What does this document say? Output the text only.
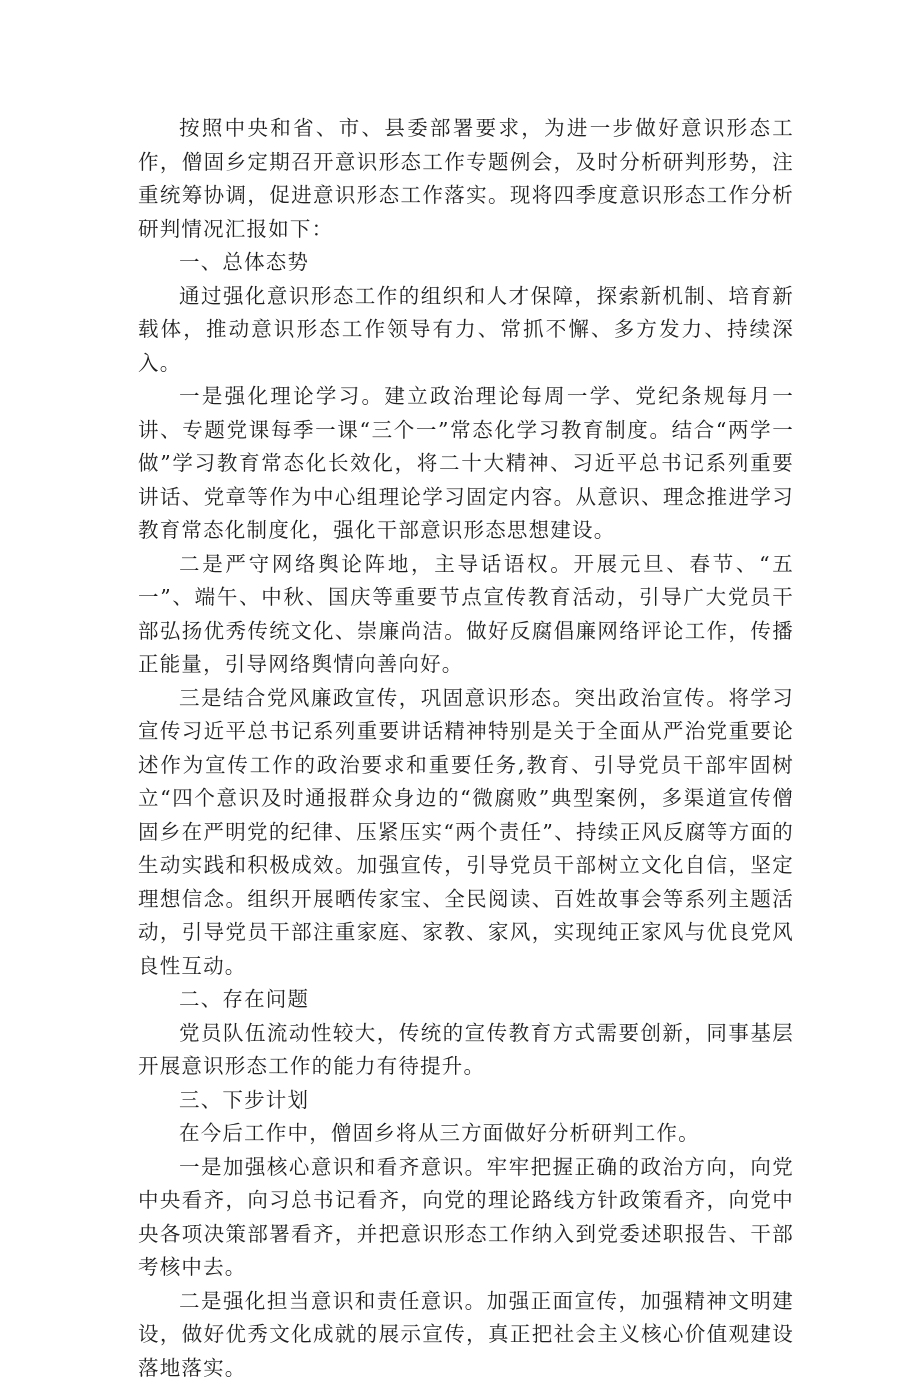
按照中央和省、市、县委部署要求，为进一步做好意识形态工作，僧固乡定期召开意识形态工作专题例会，及时分析研判形势，注重统筹协调，促进意识形态工作落实。现将四季度意识形态工作分析研判情况汇报如下：

一、总体态势

通过强化意识形态工作的组织和人才保障，探索新机制、培育新载体，推动意识形态工作领导有力、常抓不懈、多方发力、持续深入。

一是强化理论学习。建立政治理论每周一学、党纪条规每月一讲、专题党课每季一课“三个一”常态化学习教育制度。结合“两学一做”学习教育常态化长效化，将二十大精神、习近平总书记系列重要讲话、党章等作为中心组理论学习固定内容。从意识、理念推进学习教育常态化制度化，强化干部意识形态思想建设。

二是严守网络舆论阵地，主导话语权。开展元旦、春节、“五一”、端午、中秋、国庆等重要节点宣传教育活动，引导广大党员干部弘扬优秀传统文化、崇廉尚洁。做好反腐倡廉网络评论工作，传播正能量，引导网络舆情向善向好。

三是结合党风廉政宣传，巩固意识形态。突出政治宣传。将学习宣传习近平总书记系列重要讲话精神特别是关于全面从严治党重要论述作为宣传工作的政治要求和重要任务,教育、引导党员干部牢固树立“四个意识及时通报群众身边的“微腐败”典型案例，多渠道宣传僧固乡在严明党的纪律、压紧压实“两个责任”、持续正风反腐等方面的生动实践和积极成效。加强宣传，引导党员干部树立文化自信，坚定理想信念。组织开展晒传家宝、全民阅读、百姓故事会等系列主题活动，引导党员干部注重家庭、家教、家风，实现纯正家风与优良党风良性互动。

二、存在问题

党员队伍流动性较大，传统的宣传教育方式需要创新，同事基层开展意识形态工作的能力有待提升。

三、下步计划

在今后工作中，僧固乡将从三方面做好分析研判工作。

一是加强核心意识和看齐意识。牢牢把握正确的政治方向，向党中央看齐，向习总书记看齐，向党的理论路线方针政策看齐，向党中央各项决策部署看齐，并把意识形态工作纳入到党委述职报告、干部考核中去。

二是强化担当意识和责任意识。加强正面宣传，加强精神文明建设，做好优秀文化成就的展示宣传，真正把社会主义核心价值观建设落地落实。
